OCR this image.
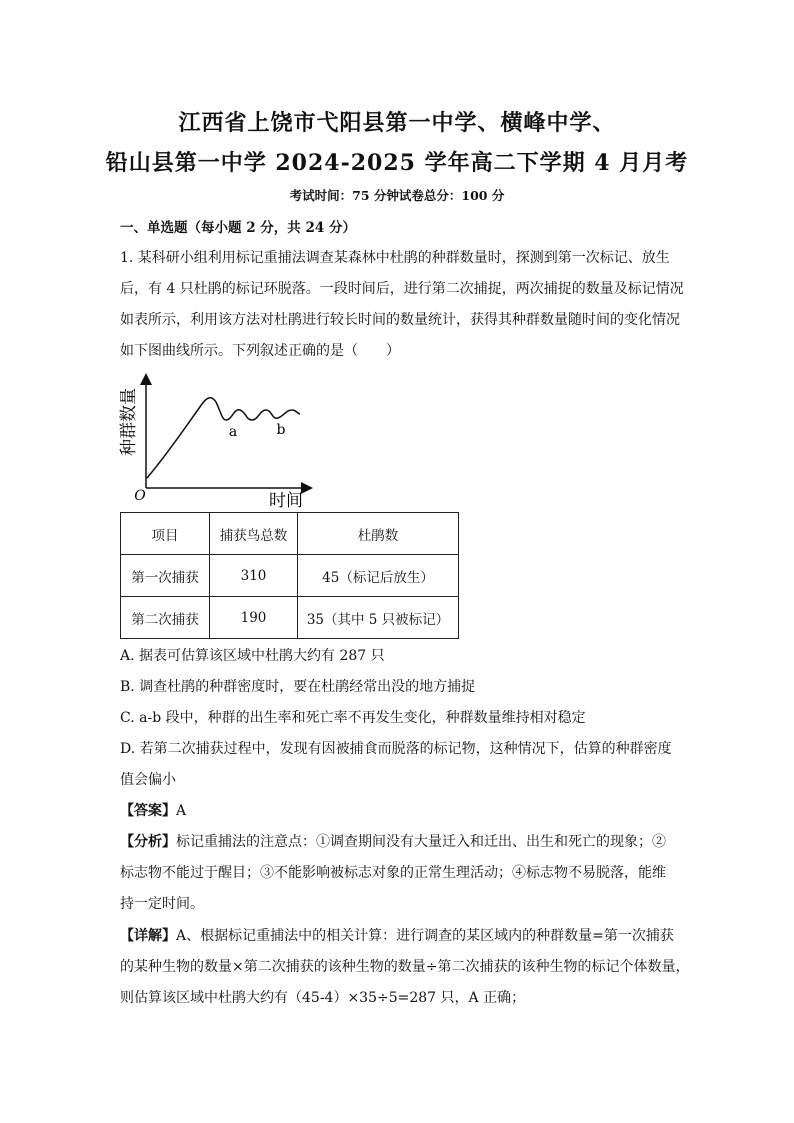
江西省上饶市弋阳县第一中学、横峰中学、
铅山县第一中学 2024-2025 学年高二下学期 4 月月考
考试时间：75 分钟试卷总分：100 分
一、单选题（每小题 2 分，共 24 分）
1. 某科研小组利用标记重捕法调查某森林中杜鹃的种群数量时，探测到第一次标记、放生
后，有 4 只杜鹃的标记环脱落。一段时间后，进行第二次捕捉，两次捕捉的数量及标记情况
如表所示，利用该方法对杜鹃进行较长时间的数量统计，获得其种群数量随时间的变化情况
如下图曲线所示。下列叙述正确的是（　　）
种群数量
时间
O
a	b
项目	捕获鸟总数	杜鹃数
第一次捕获	310	45（标记后放生）
第二次捕获	190	35（其中 5 只被标记）
A. 据表可估算该区域中杜鹃大约有 287 只
B. 调查杜鹃的种群密度时，要在杜鹃经常出没的地方捕捉
C. a-b 段中，种群的出生率和死亡率不再发生变化，种群数量维持相对稳定
D. 若第二次捕获过程中，发现有因被捕食而脱落的标记物，这种情况下，估算的种群密度
值会偏小
【答案】A
【分析】标记重捕法的注意点：①调查期间没有大量迁入和迁出、出生和死亡的现象；②
标志物不能过于醒目；③不能影响被标志对象的正常生理活动；④标志物不易脱落，能维
持一定时间。
【详解】A、根据标记重捕法中的相关计算：进行调查的某区域内的种群数量=第一次捕获
的某种生物的数量×第二次捕获的该种生物的数量÷第二次捕获的该种生物的标记个体数量，
则估算该区域中杜鹃大约有（45-4）×35÷5=287 只，A 正确；
